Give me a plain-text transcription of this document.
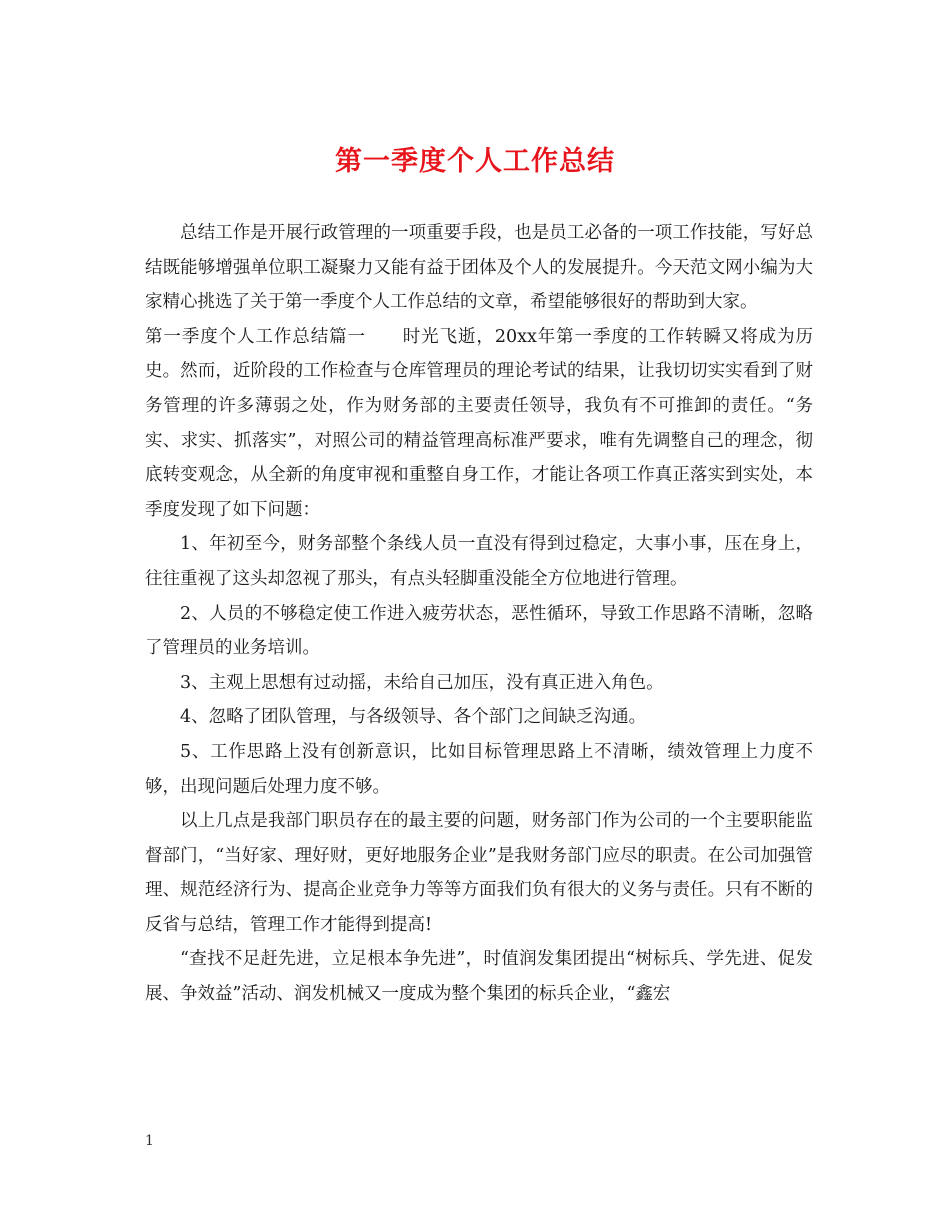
第一季度个人工作总结

总结工作是开展行政管理的一项重要手段，也是员工必备的一项工作技能，写好总结既能够增强单位职工凝聚力又能有益于团体及个人的发展提升。今天范文网小编为大家精心挑选了关于第一季度个人工作总结的文章，希望能够很好的帮助到大家。

第一季度个人工作总结篇一　　时光飞逝，20xx年第一季度的工作转瞬又将成为历史。然而，近阶段的工作检查与仓库管理员的理论考试的结果，让我切切实实看到了财务管理的许多薄弱之处，作为财务部的主要责任领导，我负有不可推卸的责任。“务实、求实、抓落实”，对照公司的精益管理高标准严要求，唯有先调整自己的理念，彻底转变观念，从全新的角度审视和重整自身工作，才能让各项工作真正落实到实处，本季度发现了如下问题：

1、年初至今，财务部整个条线人员一直没有得到过稳定，大事小事，压在身上，往往重视了这头却忽视了那头，有点头轻脚重没能全方位地进行管理。

2、人员的不够稳定使工作进入疲劳状态，恶性循环，导致工作思路不清晰，忽略了管理员的业务培训。

3、主观上思想有过动摇，未给自己加压，没有真正进入角色。

4、忽略了团队管理，与各级领导、各个部门之间缺乏沟通。

5、工作思路上没有创新意识，比如目标管理思路上不清晰，绩效管理上力度不够，出现问题后处理力度不够。

以上几点是我部门职员存在的最主要的问题，财务部门作为公司的一个主要职能监督部门，“当好家、理好财，更好地服务企业”是我财务部门应尽的职责。在公司加强管理、规范经济行为、提高企业竞争力等等方面我们负有很大的义务与责任。只有不断的反省与总结，管理工作才能得到提高!

“查找不足赶先进，立足根本争先进”，时值润发集团提出“树标兵、学先进、促发展、争效益”活动、润发机械又一度成为整个集团的标兵企业，“鑫宏

1
